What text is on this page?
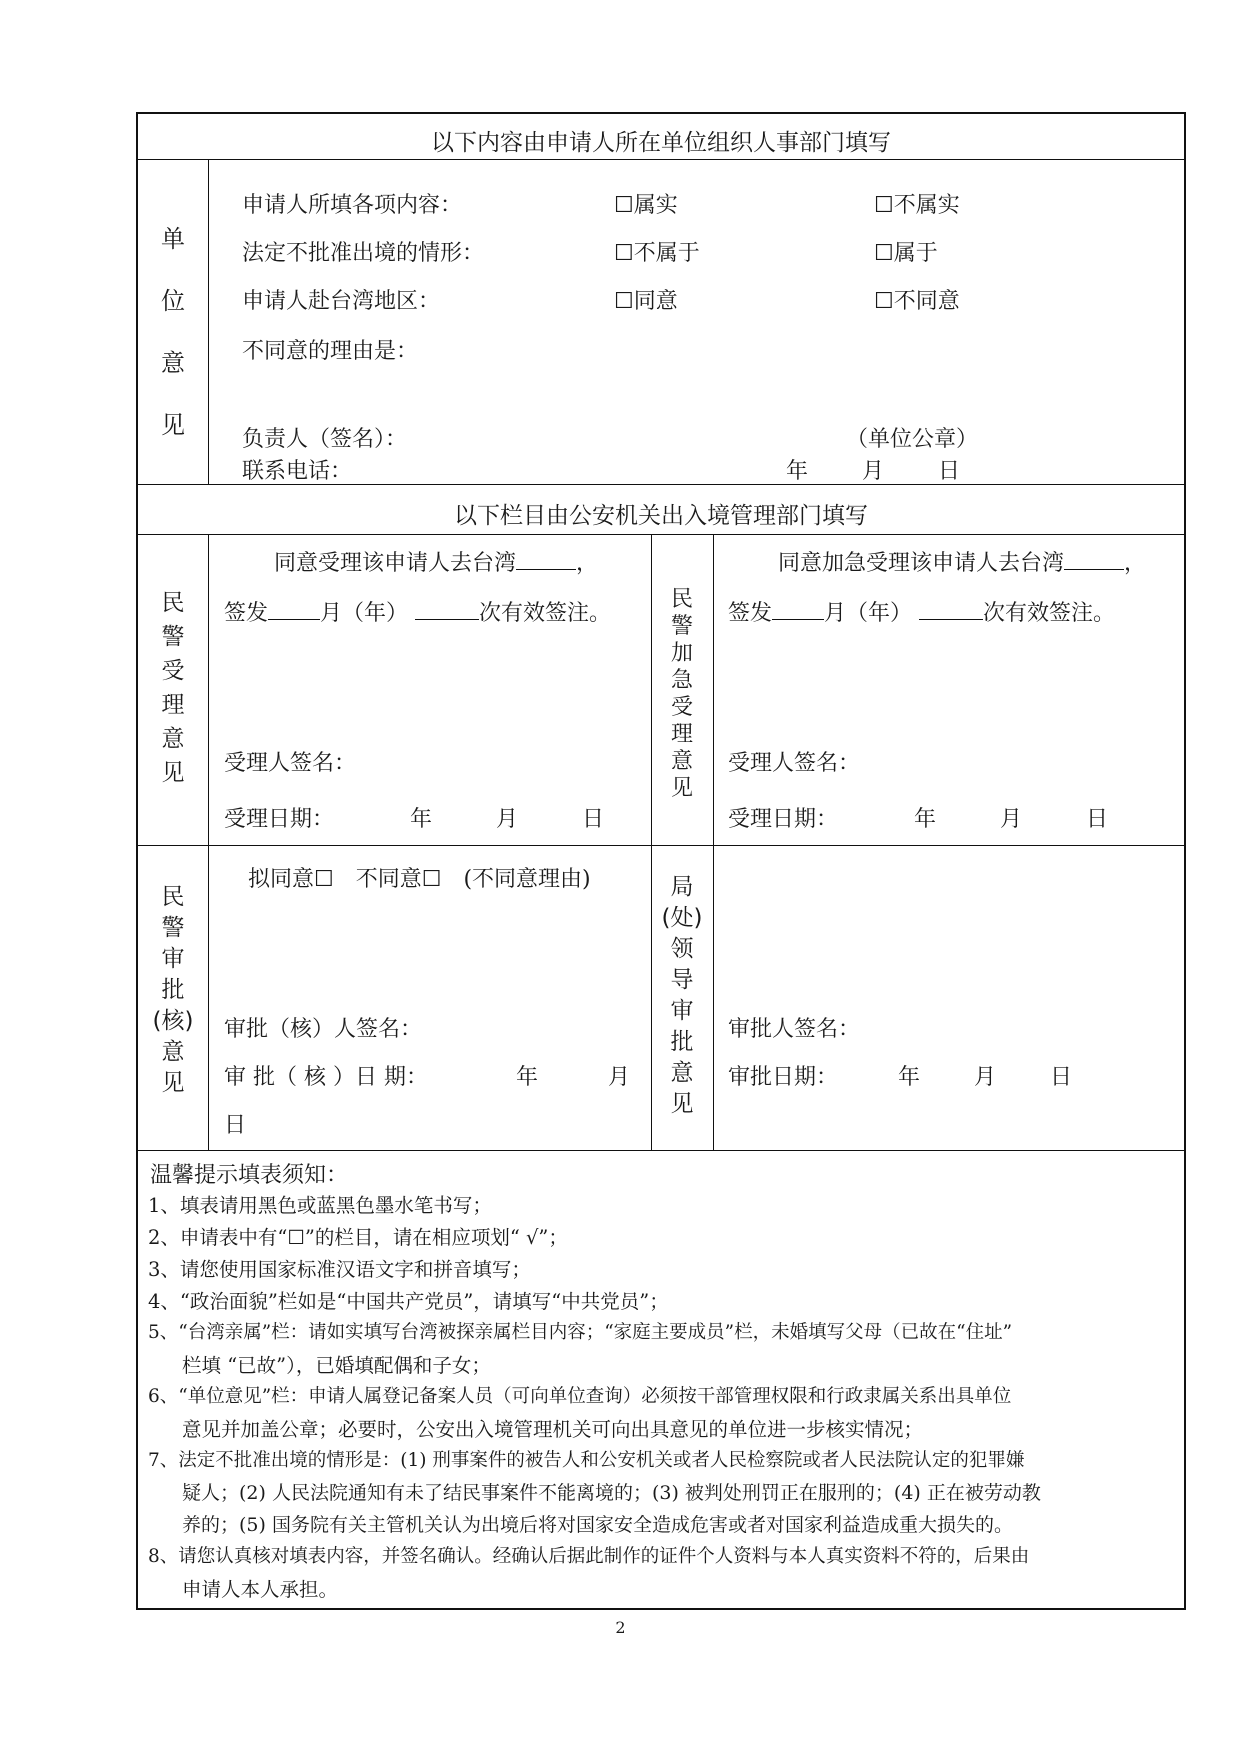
以下内容由申请人所在单位组织人事部门填写
单
位
意
见
申请人所填各项内容：	☐属实	☐不属实
法定不批准出境的情形：	☐不属于	☐属于
申请人赴台湾地区：	☐同意	☐不同意
不同意的理由是：
负责人（签名）：	（单位公章）
联系电话：	年 月 日
以下栏目由公安机关出入境管理部门填写
民
警
受
理
意
见
同意受理该申请人去台湾	，
签发 月（年）	次有效签注。
受理人签名：
受理日期：	年	月	日
民
警
加
急
受
理
意
见
同意加急受理该申请人去台湾	，
签发 月（年）	次有效签注。
受理人签名：
受理日期：	年	月	日
民
警
审
批
(核)
意
见
拟同意☐　不同意☐　(不同意理由)
审批（核）人签名：
审 批（ 核 ）日 期：	年	月
日
局
(处)
领
导
审
批
意
见
审批人签名：
审批日期：	年 月 日
温馨提示填表须知：
1、填表请用黑色或蓝黑色墨水笔书写；
2、申请表中有“☐”的栏目，请在相应项划“ √”；
3、请您使用国家标准汉语文字和拼音填写；
4、“政治面貌”栏如是“中国共产党员”，请填写“中共党员”；
5、“台湾亲属”栏：请如实填写台湾被探亲属栏目内容；“家庭主要成员”栏，未婚填写父母（已故在“住址”
栏填 “已故”），已婚填配偶和子女；
6、“单位意见”栏：申请人属登记备案人员（可向单位查询）必须按干部管理权限和行政隶属关系出具单位
意见并加盖公章；必要时，公安出入境管理机关可向出具意见的单位进一步核实情况；
7、法定不批准出境的情形是：(1) 刑事案件的被告人和公安机关或者人民检察院或者人民法院认定的犯罪嫌
疑人；(2) 人民法院通知有未了结民事案件不能离境的；(3) 被判处刑罚正在服刑的；(4) 正在被劳动教
养的；(5) 国务院有关主管机关认为出境后将对国家安全造成危害或者对国家利益造成重大损失的。
8、请您认真核对填表内容，并签名确认。经确认后据此制作的证件个人资料与本人真实资料不符的，后果由
申请人本人承担。
2
